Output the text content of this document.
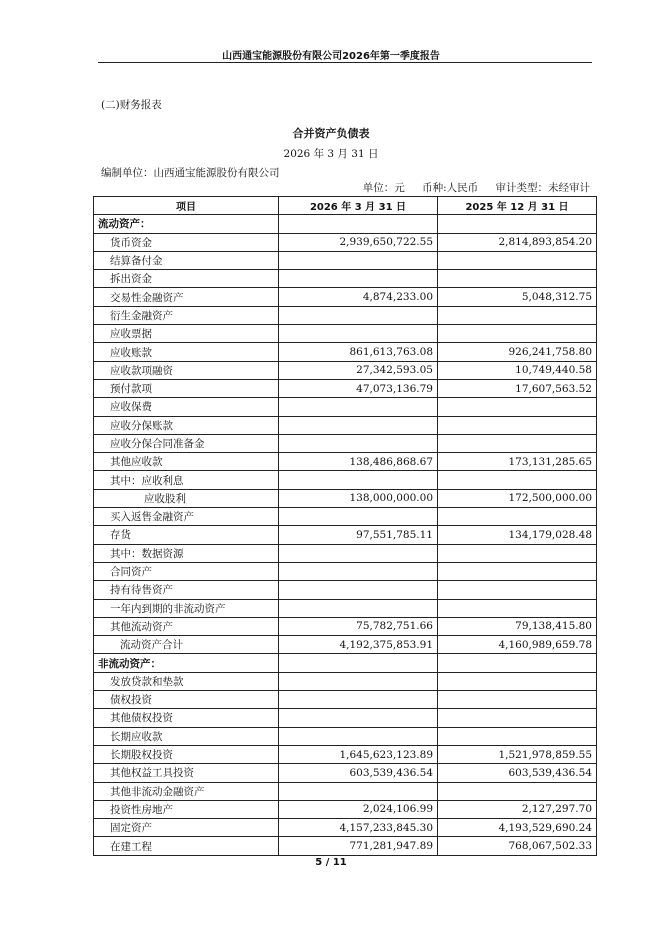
山西通宝能源股份有限公司2026年第一季度报告
(二)财务报表
合并资产负债表
2026 年 3 月 31 日
编制单位：山西通宝能源股份有限公司
单位：元 币种:人民币 审计类型：未经审计
项目	2026 年 3 月 31 日	2025 年 12 月 31 日
流动资产：		
货币资金	2,939,650,722.55	2,814,893,854.20
结算备付金		
拆出资金		
交易性金融资产	4,874,233.00	5,048,312.75
衍生金融资产		
应收票据		
应收账款	861,613,763.08	926,241,758.80
应收款项融资	27,342,593.05	10,749,440.58
预付款项	47,073,136.79	17,607,563.52
应收保费		
应收分保账款		
应收分保合同准备金		
其他应收款	138,486,868.67	173,131,285.65
其中：应收利息		
应收股利	138,000,000.00	172,500,000.00
买入返售金融资产		
存货	97,551,785.11	134,179,028.48
其中：数据资源		
合同资产		
持有待售资产		
一年内到期的非流动资产		
其他流动资产	75,782,751.66	79,138,415.80
流动资产合计	4,192,375,853.91	4,160,989,659.78
非流动资产：		
发放贷款和垫款		
债权投资		
其他债权投资		
长期应收款		
长期股权投资	1,645,623,123.89	1,521,978,859.55
其他权益工具投资	603,539,436.54	603,539,436.54
其他非流动金融资产		
投资性房地产	2,024,106.99	2,127,297.70
固定资产	4,157,233,845.30	4,193,529,690.24
在建工程	771,281,947.89	768,067,502.33
5 / 11
